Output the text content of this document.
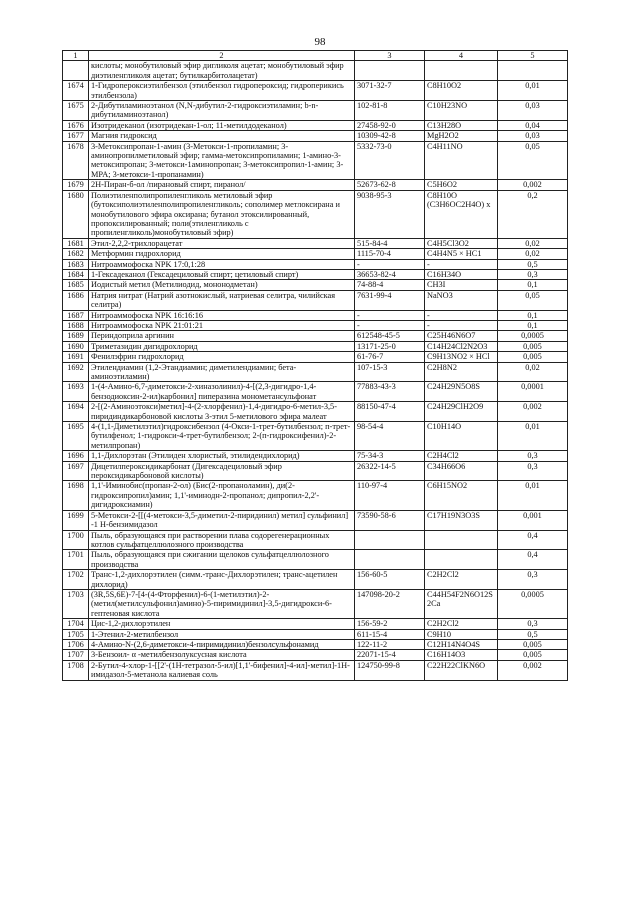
98
1	2	3	4	5
	кислоты; монобутиловый эфир дигликоля ацетат; монобутиловый эфир диэтиленгликоля ацетат; бутилкарбитолацетат)			
1674	1-Гидропероксиэтилбензол (этилбензол гидропероксид; гидроперикись этилбензола)	3071-32-7	C8H10O2	0,01
1675	2-Дибутиламиноэтанол (N,N-дибутил-2-гидроксиэтиламин; b-n-дибутиламиноэтанол)	102-81-8	C10H23NO	0,03
1676	Изотридеканол (изотридекан-1-ол; 11-метилдодеканол)	27458-92-0	C13H28O	0,04
1677	Магния гидроксид	10309-42-8	MgH2O2	0,03
1678	3-Метоксипропан-1-амин (3-Метокси-1-пропиламин; 3-аминопропилметиловый эфир; гамма-метоксипропиламин; 1-амино-3-метоксипропан; 3-метокси-1аминопропан; 3-метоксипропил-1-амин; 3-MPA; 3-метокси-1-пропанамин)	5332-73-0	C4H11NO	0,05
1679	2Н-Пиран-б-ол /пирановый спирт, пиранол/	52673-62-8	C5H6O2	0,002
1680	Полиэтиленполипропиленгликоль метиловый эфир (бутоксиполиэтиленполипропиленгликоль; сополимер метлоксирана и монобутилового эфира оксирана; бутанол этоксилированный, пропоксилированный; поли(этиленгликоль с пропиленгликоль)монобутиловый эфир)	9038-95-3	C8H10O (C3H6OC2H4O) x	0,2
1681	Этил-2,2,2-трихлорацетат	515-84-4	C4H5Cl3O2	0,02
1682	Метформин гидрохлорид	1115-70-4	C4H4N5 × HC1	0,02
1683	Нитроаммофоска NPK 17:0,1:28	-	-	0,5
1684	1-Гексадеканол (Гексадециловый спирт; цетиловый спирт)	36653-82-4	C16H34O	0,3
1685	Иодистый метил (Метилиодид, мононодметан)	74-88-4	CH3I	0,1
1686	Натрия нитрат (Натрий азотнокислый, натриевая селитра, чилийская селитра)	7631-99-4	NaNO3	0,05
1687	Нитроаммофоска NPK 16:16:16	-	-	0,1
1688	Нитроаммофоска NPK 21:01:21	-	-	0,1
1689	Периндоприла аргинин	612548-45-5	C25H46N6O7	0,0005
1690	Триметазидин дигидрохлорид	13171-25-0	C14H24Cl2N2O3	0,005
1691	Фенилэфрин гидрохлорид	61-76-7	C9H13NO2 × HCl	0,005
1692	Этилендиамин (1,2-Этандиамин; диметилендиамин; бета-аминоэтиламин)	107-15-3	C2H8N2	0,02
1693	1-(4-Амино-6,7-диметокси-2-хиназолинил)-4-[(2,3-дигидро-1,4-бензодиоксин-2-ил)карбонил] пиперазина монометансульфонат	77883-43-3	C24H29N5O8S	0,0001
1694	2-[(2-Аминоэтокси)метил]-4-(2-хлорфенил)-1,4-дигидро-6-метил-3,5-пиридиндикарбоновой кислоты 3-этил 5-метилового эфира малеат	88150-47-4	C24H29ClH2O9	0,002
1695	4-(1,1-Диметилэтил)гидроксибензол (4-Окси-1-трет-бутилбензол; п-трет-бутилфенол; 1-гидрокси-4-трет-бутилбензол; 2-(п-гидроксифенил)-2-метилпропан)	98-54-4	C10H14O	0,01
1696	1,1-Дихлорэтан (Этилиден хлористый, этилидендихлорид)	75-34-3	C2H4Cl2	0,3
1697	Дицетилпероксидикарбонат (Дигексадециловый эфир пероксидикарбоновой кислоты)	26322-14-5	C34H66O6	0,3
1698	1,1'-Иминобис(пропан-2-ол) (Бис(2-пропаноламин), ди(2-гидроксипропил)амин; 1,1'-иминодн-2-пропанол; дипропил-2,2'-дигидроксиамин)	110-97-4	C6H15NO2	0,01
1699	5-Метокси-2-[[(4-метокси-3,5-диметил-2-пиридинил) метил] сульфинил] -1 Н-бензимидазол	73590-58-6	C17H19N3O3S	0,001
1700	Пыль, образующаяся при растворении плава содорегенерационных котлов сульфатцеллюлозного производства			0,4
1701	Пыль, образующаяся при сжигании щелоков сульфатцеллюлозного производства			0,4
1702	Транс-1,2-дихлорэтилен (симм.-транс-Дихлорэтилен; транс-ацетилен дихлорид)	156-60-5	C2H2Cl2	0,3
1703	(3R,5S,6E)-7-[4-(4-Фторфенил)-6-(1-метилэтил)-2-(метил(метилсульфонил)амино)-5-пиримидинил]-3,5-дигидрокси-6-гептеновая кислота	147098-20-2	C44H54F2N6O12S2Ca	0,0005
1704	Цис-1,2-дихлорэтилен	156-59-2	C2H2Cl2	0,3
1705	1-Этенил-2-метилбензол	611-15-4	C9H10	0,5
1706	4-Амино-N-(2,6-диметокси-4-пиримидинил)бензолсульфонамид	122-11-2	C12H14N4O4S	0,005
1707	3-Бензоил- α -метилбензолуксусная кислота	22071-15-4	C16H14O3	0,005
1708	2-Бутил-4-хлор-1-[[2'-(1Н-тетразол-5-ил)[1,1'-бифенил]-4-ил]-метил]-1Н-имидазол-5-метанола калиевая соль	124750-99-8	C22H22ClKN6O	0,002
